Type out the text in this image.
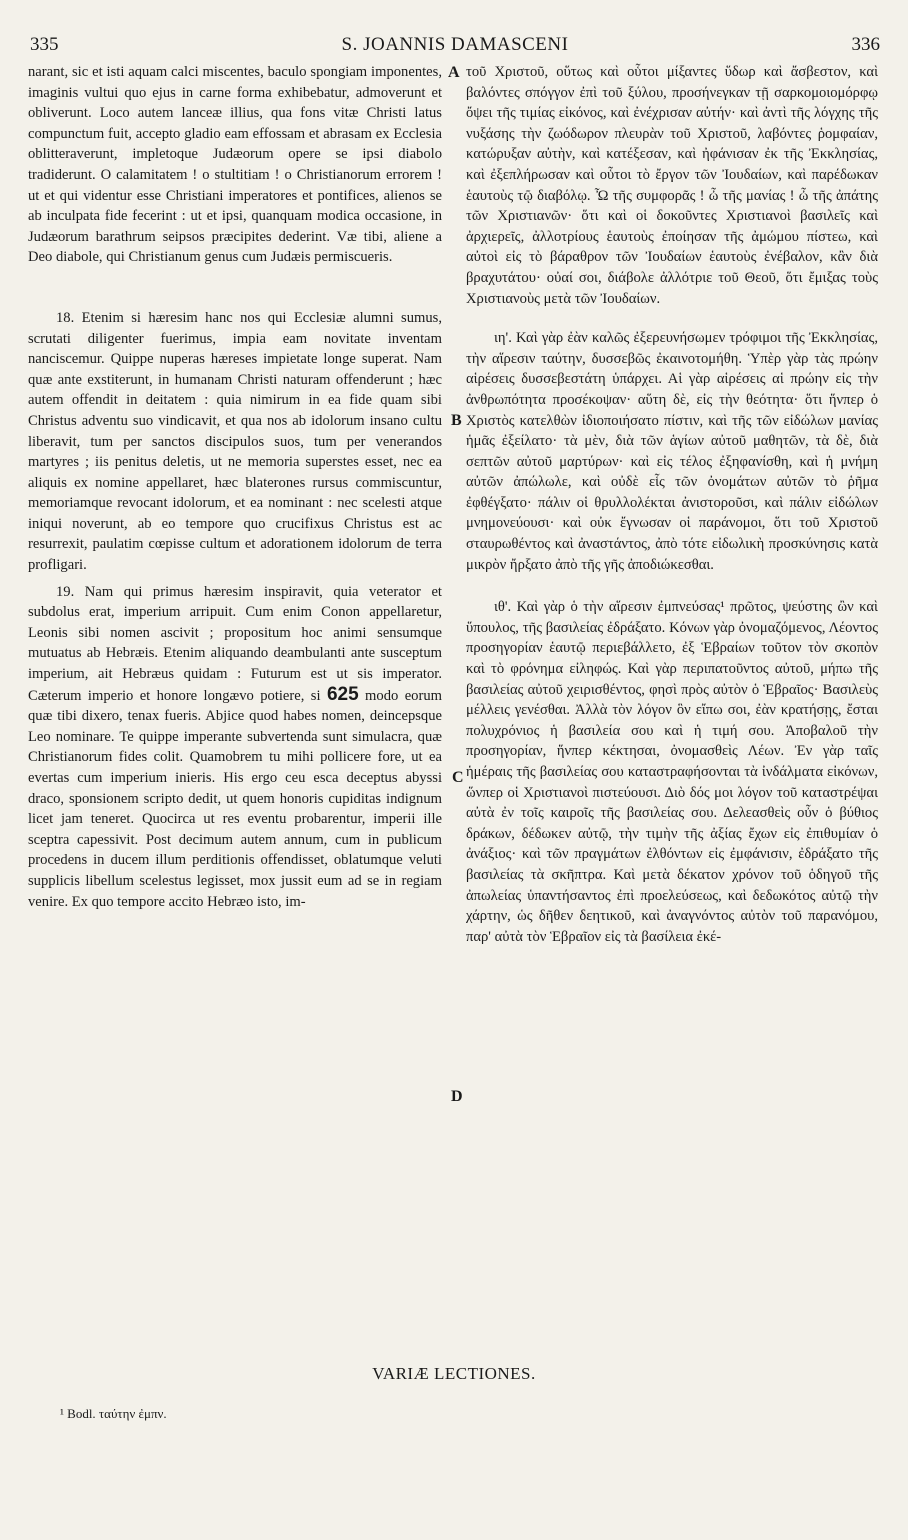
335	S. JOANNIS DAMASCENI	336

narant, sic et isti aquam calci miscentes, baculo spongiam imponentes, imaginis vultui quo ejus in carne forma exhibebatur, admoverunt et obliverunt. Loco autem lanceæ illius, qua fons vitæ Christi latus compunctum fuit, accepto gladio eam effossam et abrasam ex Ecclesia oblitteraverunt, impletoque Judæorum opere se ipsi diabolo tradiderunt. O calamitatem ! o stultitiam ! o Christianorum errorem ! ut et qui videntur esse Christiani imperatores et pontifices, alienos se ab inculpata fide fecerint : ut et ipsi, quanquam modica occasione, in Judæorum barathrum seipsos præcipites dederint. Væ tibi, aliene a Deo diabole, qui Christianum genus cum Judæis permiscueris.

18. Etenim si hæresim hanc nos qui Ecclesiæ alumni sumus, scrutati diligenter fuerimus, impia eam novitate inventam nanciscemur. Quippe nuperas hæreses impietate longe superat. Nam quæ ante exstiterunt, in humanam Christi naturam offenderunt ; hæc autem offendit in deitatem : quia nimirum in ea fide quam sibi Christus adventu suo vindicavit, et qua nos ab idolorum insano cultu liberavit, tum per sanctos discipulos suos, tum per venerandos martyres ; iis penitus deletis, ut ne memoria superstes esset, nec ea aliquis ex nomine appellaret, hæc blaterones rursus commiscuntur, memoriamque revocant idolorum, et ea nominant : nec scelesti atque iniqui noverunt, ab eo tempore quo crucifixus Christus est ac resurrexit, paulatim cœpisse cultum et adorationem idolorum de terra profligari.

19. Nam qui primus hæresim inspiravit, quia veterator et subdolus erat, imperium arripuit. Cum enim Conon appellaretur, Leonis sibi nomen ascivit ; propositum hoc animi sensumque mutuatus ab Hebræis. Etenim aliquando deambulanti ante susceptum imperium, ait Hebræus quidam : Futurum est ut sis imperator. Cæterum imperio et honore longævo potiere, si 625 modo eorum quæ tibi dixero, tenax fueris. Abjice quod habes nomen, deincepsque Leo nominare. Te quippe imperante subvertenda sunt simulacra, quæ Christianorum fides colit. Quamobrem tu mihi pollicere fore, ut ea evertas cum imperium inieris. His ergo ceu esca deceptus abyssi draco, sponsionem scripto dedit, ut quem honoris cupiditas indignum licet jam teneret. Quocirca ut res eventu probarentur, imperii ille sceptra capessivit. Post decimum autem annum, cum in publicum procedens in ducem illum perditionis offendisset, oblatumque veluti supplicis libellum scelestus legisset, mox jussit eum ad se in regiam venire. Ex quo tempore accito Hebræo isto, im-

A
B
C
D

τοῦ Χριστοῦ, οὕτως καὶ οὗτοι μίξαντες ὕδωρ καὶ ἄσβεστον, καὶ βαλόντες σπόγγον ἐπὶ τοῦ ξύλου, προσήνεγκαν τῇ σαρκομοιομόρφῳ ὄψει τῆς τιμίας εἰκόνος, καὶ ἐνέχρισαν αὐτήν· καὶ ἀντὶ τῆς λόγχης τῆς νυξάσης τὴν ζωόδωρον πλευρὰν τοῦ Χριστοῦ, λαβόντες ῥομφαίαν, κατώρυξαν αὐτὴν, καὶ κατέξεσαν, καὶ ἠφάνισαν ἐκ τῆς Ἐκκλησίας, καὶ ἐξεπλήρωσαν καὶ οὗτοι τὸ ἔργον τῶν Ἰουδαίων, καὶ παρέδωκαν ἑαυτοὺς τῷ διαβόλῳ. Ὦ τῆς συμφορᾶς ! ὦ τῆς μανίας ! ὦ τῆς ἀπάτης τῶν Χριστιανῶν· ὅτι καὶ οἱ δοκοῦντες Χριστιανοὶ βασιλεῖς καὶ ἀρχιερεῖς, ἀλλοτρίους ἑαυτοὺς ἐποίησαν τῆς ἀμώμου πίστεω, καὶ αὐτοὶ εἰς τὸ βάραθρον τῶν Ἰουδαίων ἑαυτοὺς ἐνέβαλον, κἂν διὰ βραχυτάτου· οὐαί σοι, διάβολε ἀλλότριε τοῦ Θεοῦ, ὅτι ἔμιξας τοὺς Χριστιανοὺς μετὰ τῶν Ἰουδαίων.

ιη'. Καὶ γὰρ ἐὰν καλῶς ἐξερευνήσωμεν τρόφιμοι τῆς Ἐκκλησίας, τὴν αἵρεσιν ταύτην, δυσσεβῶς ἐκαινοτομήθη. Ὑπὲρ γὰρ τὰς πρώην αἱρέσεις δυσσεβεστάτη ὑπάρχει. Αἱ γὰρ αἱρέσεις αἱ πρώην εἰς τὴν ἀνθρωπότητα προσέκοψαν· αὕτη δὲ, εἰς τὴν θεότητα· ὅτι ἥνπερ ὁ Χριστὸς κατελθὼν ἰδιοποιήσατο πίστιν, καὶ τῆς τῶν εἰδώλων μανίας ἡμᾶς ἐξείλατο· τὰ μὲν, διὰ τῶν ἁγίων αὐτοῦ μαθητῶν, τὰ δὲ, διὰ σεπτῶν αὐτοῦ μαρτύρων· καὶ εἰς τέλος ἐξηφανίσθη, καὶ ἡ μνήμη αὐτῶν ἀπώλωλε, καὶ οὐδὲ εἷς τῶν ὀνομάτων αὐτῶν τὸ ῥῆμα ἐφθέγξατο· πάλιν οἱ θρυλλολέκται ἀνιστοροῦσι, καὶ πάλιν εἰδώλων μνημονεύουσι· καὶ οὐκ ἔγνωσαν οἱ παράνομοι, ὅτι τοῦ Χριστοῦ σταυρωθέντος καὶ ἀναστάντος, ἀπὸ τότε εἰδωλικὴ προσκύνησις κατὰ μικρὸν ἤρξατο ἀπὸ τῆς γῆς ἀποδιώκεσθαι.

ιθ'. Καὶ γὰρ ὁ τὴν αἵρεσιν ἐμπνεύσας¹ πρῶτος, ψεύστης ὢν καὶ ὕπουλος, τῆς βασιλείας ἐδράξατο. Κόνων γὰρ ὀνομαζόμενος, Λέοντος προσηγορίαν ἑαυτῷ περιεβάλλετο, ἐξ Ἑβραίων τοῦτον τὸν σκοπὸν καὶ τὸ φρόνημα εἰληφώς. Καὶ γὰρ περιπατοῦντος αὐτοῦ, μήπω τῆς βασιλείας αὐτοῦ χειρισθέντος, φησὶ πρὸς αὐτὸν ὁ Ἑβραῖος· Βασιλεὺς μέλλεις γενέσθαι. Ἀλλὰ τὸν λόγον ὃν εἴπω σοι, ἐὰν κρατήσῃς, ἔσται πολυχρόνιος ἡ βασιλεία σου καὶ ἡ τιμή σου. Ἀποβαλοῦ τὴν προσηγορίαν, ἥνπερ κέκτησαι, ὀνομασθεὶς Λέων. Ἐν γὰρ ταῖς ἡμέραις τῆς βασιλείας σου καταστραφήσονται τὰ ἰνδάλματα εἰκόνων, ὥνπερ οἱ Χριστιανοὶ πιστεύουσι. Διὸ δός μοι λόγον τοῦ καταστρέψαι αὐτὰ ἐν τοῖς καιροῖς τῆς βασιλείας σου. Δελεασθεὶς οὖν ὁ βύθιος δράκων, δέδωκεν αὐτῷ, τὴν τιμὴν τῆς ἀξίας ἔχων εἰς ἐπιθυμίαν ὁ ἀνάξιος· καὶ τῶν πραγμάτων ἐλθόντων εἰς ἐμφάνισιν, ἐδράξατο τῆς βασιλείας τὰ σκῆπτρα. Καὶ μετὰ δέκατον χρόνον τοῦ ὁδηγοῦ τῆς ἀπωλείας ὑπαντήσαντος ἐπὶ προελεύσεως, καὶ δεδωκότος αὐτῷ τὴν χάρτην, ὡς δῆθεν δεητικοῦ, καὶ ἀναγνόντος αὐτὸν τοῦ παρανόμου, παρ' αὐτὰ τὸν Ἑβραῖον εἰς τὰ βασίλεια ἐκέ-

VARIÆ LECTIONES.
¹ Bodl. ταύτην ἐμπν.
